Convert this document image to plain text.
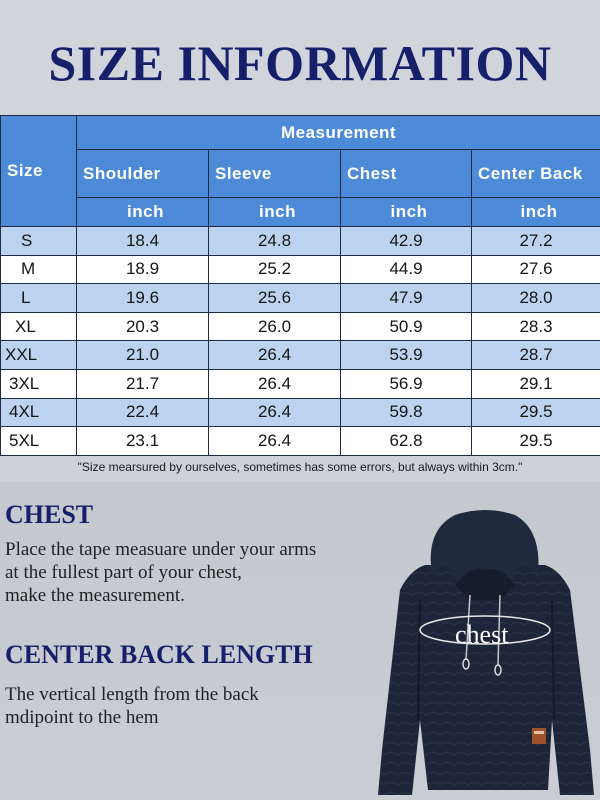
SIZE INFORMATION
Size	Measurement			
	Shoulder	Sleeve	Chest	Center Back
	inch	inch	inch	inch
S	18.4	24.8	42.9	27.2
M	18.9	25.2	44.9	27.6
L	19.6	25.6	47.9	28.0
XL	20.3	26.0	50.9	28.3
XXL	21.0	26.4	53.9	28.7
3XL	21.7	26.4	56.9	29.1
4XL	22.4	26.4	59.8	29.5
5XL	23.1	26.4	62.8	29.5
"Size mearsured by ourselves, sometimes has some errors, but always within 3cm."
CHEST
Place the tape measuare under your arms
at the fullest part of your chest,
make the measurement.
CENTER BACK LENGTH
The vertical length from the back
mdipoint to the hem
chest
